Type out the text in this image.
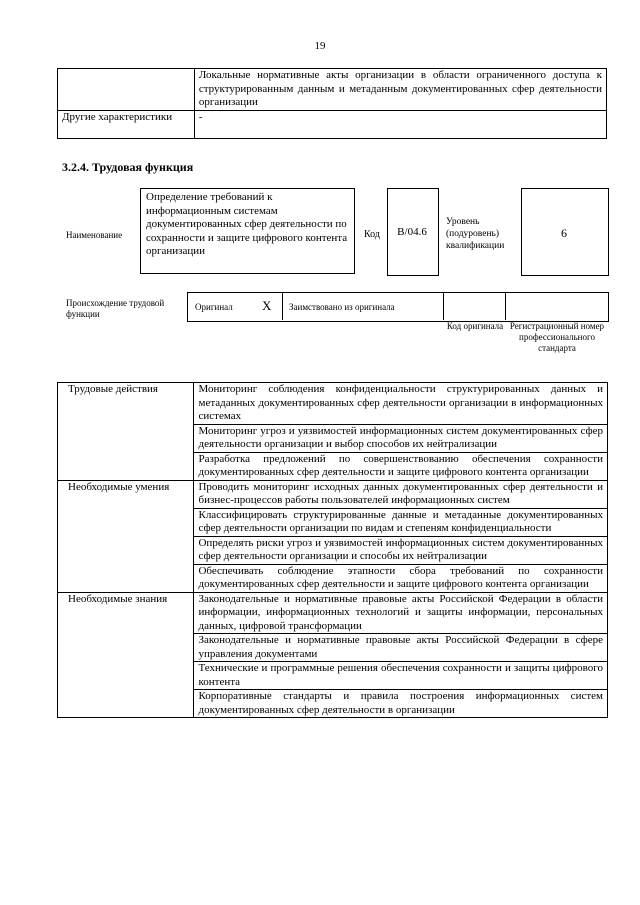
19
	Локальные нормативные акты организации в области ограниченного доступа к структурированным данным и метаданным документированных сфер деятельности организации
Другие характеристики	-
3.2.4. Трудовая функция
Наименование
Определение требований к информационным системам документированных сфер деятельности по сохранности и защите цифрового контента организации
Код	В/04.6
Уровень (подуровень) квалификации
6
Происхождение трудовой функции
Оригинал Х Заимствовано из оригинала
Код оригинала Регистрационный номер профессионального стандарта
Трудовые действия	Мониторинг соблюдения конфиденциальности структурированных данных и метаданных документированных сфер деятельности организации в информационных системах
	Мониторинг угроз и уязвимостей информационных систем документированных сфер деятельности организации и выбор способов их нейтрализации
	Разработка предложений по совершенствованию обеспечения сохранности документированных сфер деятельности и защите цифрового контента организации
Необходимые умения	Проводить мониторинг исходных данных документированных сфер деятельности и бизнес-процессов работы пользователей информационных систем
	Классифицировать структурированные данные и метаданные документированных сфер деятельности организации по видам и степеням конфиденциальности
	Определять риски угроз и уязвимостей информационных систем документированных сфер деятельности организации и способы их нейтрализации
	Обеспечивать соблюдение этапности сбора требований по сохранности документированных сфер деятельности и защите цифрового контента организации
Необходимые знания	Законодательные и нормативные правовые акты Российской Федерации в области информации, информационных технологий и защиты информации, персональных данных, цифровой трансформации
	Законодательные и нормативные правовые акты Российской Федерации в сфере управления документами
	Технические и программные решения обеспечения сохранности и защиты цифрового контента
	Корпоративные стандарты и правила построения информационных систем документированных сфер деятельности в организации
